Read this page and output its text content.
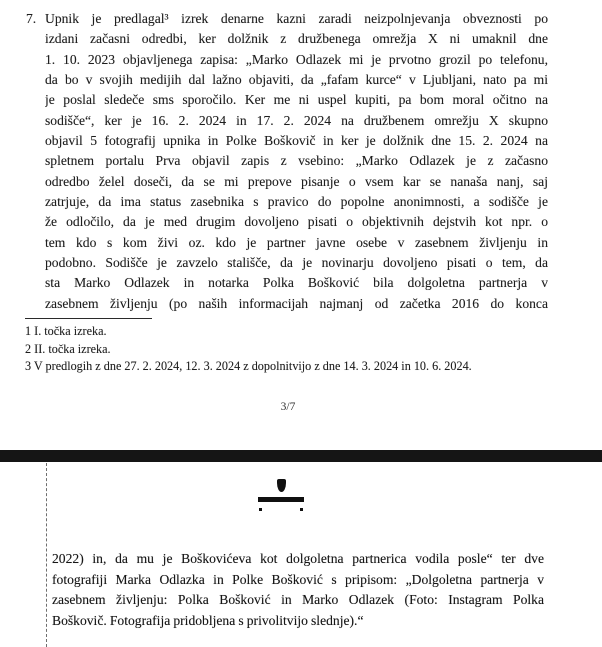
7. Upnik je predlagal³ izrek denarne kazni zaradi neizpolnjevanja obveznosti po
izdani začasni odredbi, ker dolžnik z družbenega omrežja X ni umaknil dne
1. 10. 2023 objavljenega zapisa: „Marko Odlazek mi je prvotno grozil po telefonu,
da bo v svojih medijih dal lažno objaviti, da „fafam kurce“ v Ljubljani, nato pa mi
je poslal sledeče sms sporočilo. Ker me ni uspel kupiti, pa bom moral očitno na
sodišče“, ker je 16. 2. 2024 in 17. 2. 2024 na družbenem omrežju X skupno
objavil 5 fotografij upnika in Polke Boškovič in ker je dolžnik dne 15. 2. 2024 na
spletnem portalu Prva objavil zapis z vsebino: „Marko Odlazek je z začasno
odredbo želel doseči, da se mi prepove pisanje o vsem kar se nanaša nanj, saj
zatrjuje, da ima status zasebnika s pravico do popolne anonimnosti, a sodišče je
že odločilo, da je med drugim dovoljeno pisati o objektivnih dejstvih kot npr. o
tem kdo s kom živi oz. kdo je partner javne osebe v zasebnem življenju in
podobno. Sodišče je zavzelo stališče, da je novinarju dovoljeno pisati o tem, da
sta Marko Odlazek in notarka Polka Bošković bila dolgoletna partnerja v
zasebnem življenju (po naših informacijah najmanj od začetka 2016 do konca
1 I. točka izreka.
2 II. točka izreka.
3 V predlogih z dne 27. 2. 2024, 12. 3. 2024 z dopolnitvijo z dne 14. 3. 2024 in 10. 6. 2024.
3/7
2022) in, da mu je Boškovićeva kot dolgoletna partnerica vodila posle“ ter dve
fotografiji Marka Odlazka in Polke Bošković s pripisom: „Dolgoletna partnerja v
zasebnem življenju: Polka Bošković in Marko Odlazek (Foto: Instagram Polka
Boškovič. Fotografija pridobljena s privolitvijo slednje).“
